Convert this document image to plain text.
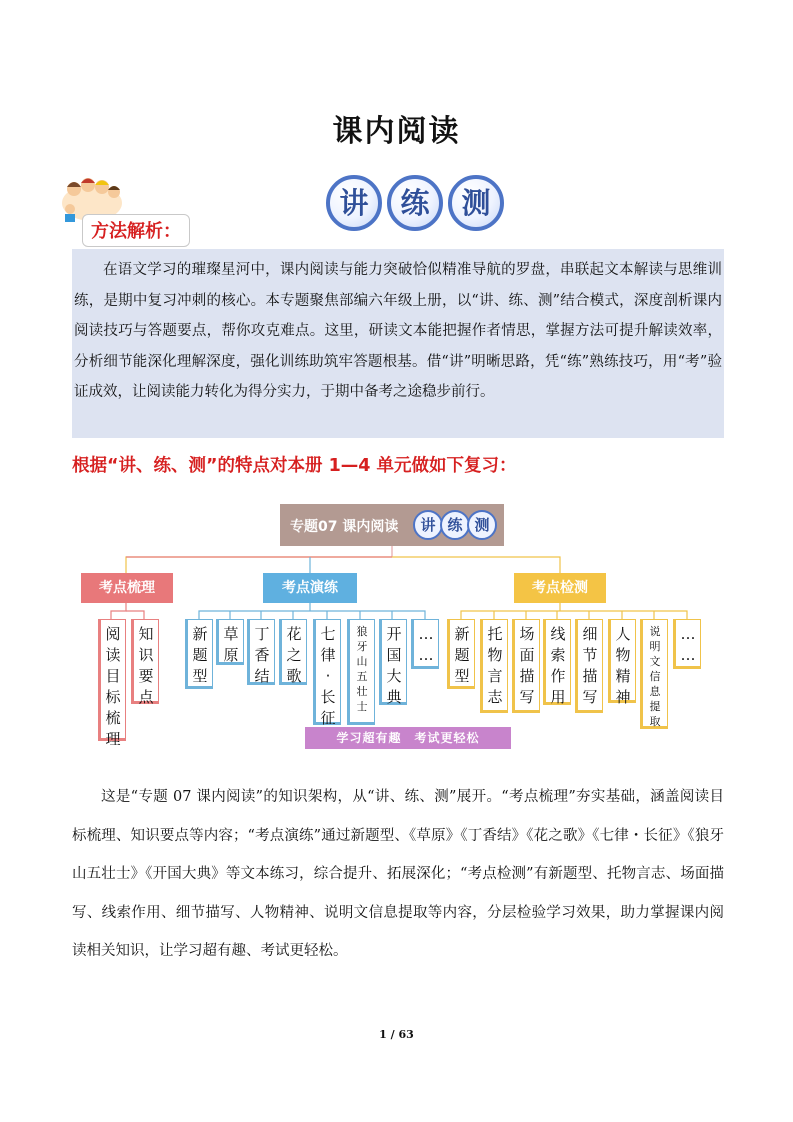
课内阅读
方法解析：
讲	练	测

在语文学习的璀璨星河中，课内阅读与能力突破恰似精准导航的罗盘，串联起文本解读与思维训练，是期中复习冲刺的核心。本专题聚焦部编六年级上册，以“讲、练、测”结合模式，深度剖析课内阅读技巧与答题要点，帮你攻克难点。这里，研读文本能把握作者情思，掌握方法可提升解读效率，分析细节能深化理解深度，强化训练助筑牢答题根基。借“讲”明晰思路，凭“练”熟练技巧，用“考”验证成效，让阅读能力转化为得分实力，于期中备考之途稳步前行。

根据“讲、练、测”的特点对本册 1—4 单元做如下复习：
专题07 课内阅读	讲 练 测
考点梳理	考点演练	考点检测
阅
读
目
标
梳
理
知
识
要
点
新
题
型
草
原
丁
香
结
花
之
歌
七
律
·
长
征
狼
牙
山
五
壮
士
开
国
大
典
…
…
新
题
型
托
物
言
志
场
面
描
写
线
索
作
用
细
节
描
写
人
物
精
神
说
明
文
信
息
提
取
…
…
学习超有趣　考试更轻松

这是“专题 07 课内阅读”的知识架构，从“讲、练、测”展开。“考点梳理”夯实基础，涵盖阅读目标梳理、知识要点等内容；“考点演练”通过新题型、《草原》《丁香结》《花之歌》《七律・长征》《狼牙山五壮士》《开国大典》等文本练习，综合提升、拓展深化；“考点检测”有新题型、托物言志、场面描写、线索作用、细节描写、人物精神、说明文信息提取等内容，分层检验学习效果，助力掌握课内阅读相关知识，让学习超有趣、考试更轻松。

1 / 63
